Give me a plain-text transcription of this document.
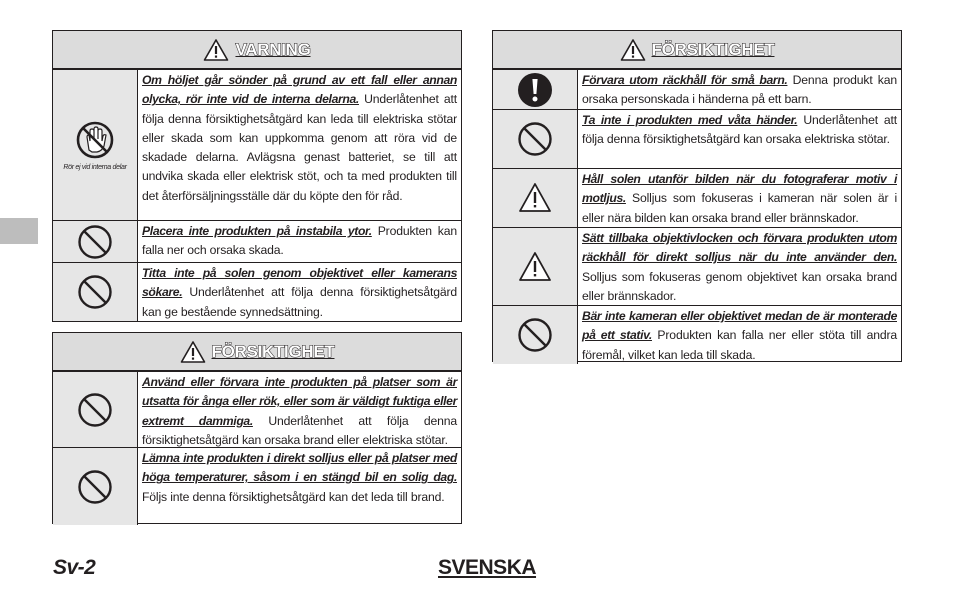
VARNING
Rör ej vid interna delar
Om höljet går sönder på grund av ett fall eller annan olycka, rör inte vid de interna delarna. Underlåtenhet att följa denna försiktighetsåtgärd kan leda till elektriska stötar eller skada som kan uppkomma genom att röra vid de skadade delarna. Avlägsna genast batteriet, se till att undvika skada eller elektrisk stöt, och ta med produkten till det återförsäljningsställe där du köpte den för råd.
Placera inte produkten på instabila ytor. Produkten kan falla ner och orsaka skada.
Titta inte på solen genom objektivet eller kamerans sökare. Underlåtenhet att följa denna försiktighetsåtgärd kan ge bestående synnedsättning.
FÖRSIKTIGHET
Använd eller förvara inte produkten på platser som är utsatta för ånga eller rök, eller som är väldigt fuktiga eller extremt dammiga. Underlåtenhet att följa denna försiktighetsåtgärd kan orsaka brand eller elektriska stötar.
Lämna inte produkten i direkt solljus eller på platser med höga temperaturer, såsom i en stängd bil en solig dag. Följs inte denna försiktighetsåtgärd kan det leda till brand.
FÖRSIKTIGHET
Förvara utom räckhåll för små barn. Denna produkt kan orsaka personskada i händerna på ett barn.
Ta inte i produkten med våta händer. Underlåtenhet att följa denna försiktighetsåtgärd kan orsaka elektriska stötar.
Håll solen utanför bilden när du fotograferar motiv i motljus. Solljus som fokuseras i kameran när solen är i eller nära bilden kan orsaka brand eller brännskador.
Sätt tillbaka objektivlocken och förvara produkten utom räckhåll för direkt solljus när du inte använder den. Solljus som fokuseras genom objektivet kan orsaka brand eller brännskador.
Bär inte kameran eller objektivet medan de är monterade på ett stativ. Produkten kan falla ner eller stöta till andra föremål, vilket kan leda till skada.
Sv-2	SVENSKA
